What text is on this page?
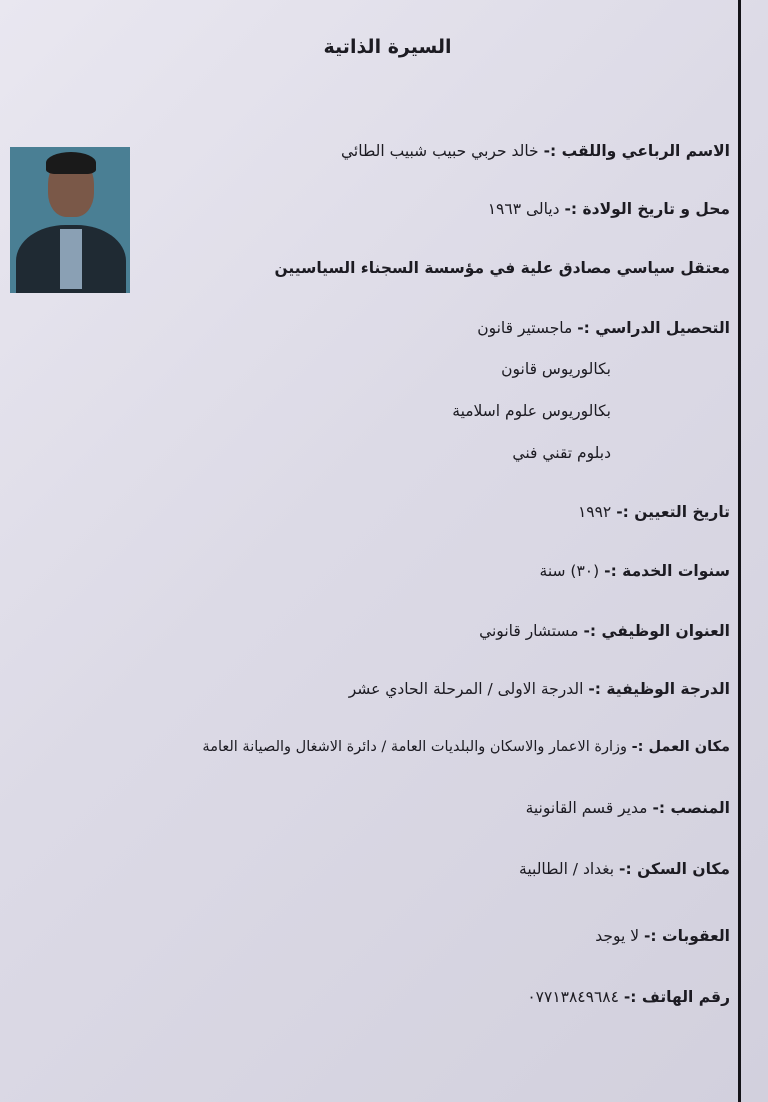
السيرة الذاتية
الاسم الرباعي واللقب :- خالد حربي حبيب شبيب الطائي
محل و تاريخ الولادة :- ديالى ١٩٦٣
معتقل سياسي مصادق علية في مؤسسة السجناء السياسيين
التحصيل الدراسي :- ماجستير قانون
بكالوريوس قانون
بكالوريوس علوم اسلامية
دبلوم تقني فني
تاريخ التعيين :- ١٩٩٢
سنوات الخدمة :- (٣٠) سنة
العنوان الوظيفي :- مستشار قانوني
الدرجة الوظيفية :- الدرجة الاولى / المرحلة الحادي عشر
مكان العمل :- وزارة الاعمار والاسكان والبلديات العامة / دائرة الاشغال والصيانة العامة
المنصب :- مدير قسم القانونية
مكان السكن :- بغداد / الطالبية
العقوبات :- لا يوجد
رقم الهاتف :- ٠٧٧١٣٨٤٩٦٨٤
